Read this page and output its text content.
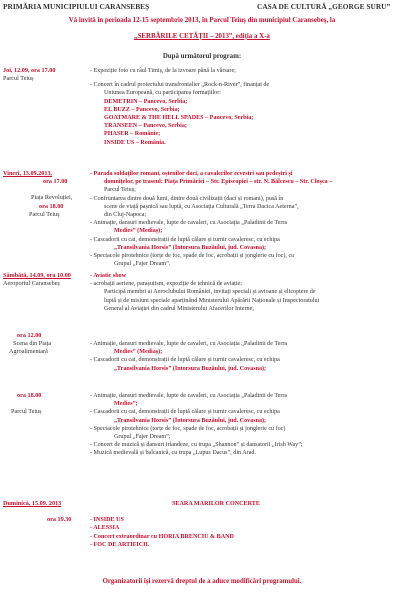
PRIMĂRIA MUNICIPIULUI CARANSEBEȘ	CASA DE CULTURĂ „GEORGE SURU”
Vă invită în perioada 12-15 septembrie 2013, în Parcul Teiuș din municipiul Caransebeș, la
„SERBĂRILE CETĂȚII – 2013”, ediția a X-a
După următorul program:
Joi, 12.09, ora 17.00
Parcul Teiuș
- Expoziție foto cu râul Timiș, de la izvoare până la vărsare;
- Concert în cadrul proiectului transfrontalier „Rock-n-River”, finanțat de
Uniunea Europeană, cu participarea formațiilor:
DEMETRIN – Pancevo, Serbia;
EL BUZZ – Pancevo, Serbia;
GOATMARE & THE HELL SPADES – Pancevo, Serbia;
TRANSEEN – Pancevo, Serbia;
PHASER – Românie;
INSIDE US – România.
Vineri, 13.09.2013,
ora 17.00
Piața Revoluției,
ora 18.00
Parcul Teiuș
- Parada soldaților romani, oștenilor daci, a cavalerilor ecvestri sau pedeștri și
domnițelor, pe traseul: Piața Primăriei – Str. Episcopiei – str. N. Bălcescu – Str. Cloșca –
Parcul Teiuș;
- Confruntarea dintre două lumi, dintre două civilizații (daci și romani), pusă în
scene de viață pașnică sau luptă, cu Asociația Culturală „Terra Dacica Aeterna”,
din Cluj-Napoca;
- Animație, dansuri medievale, lupte de cavaleri, cu Asociația „Paladinii de Terra
Medies” (Mediaș);
- Cascadorii cu cai, demonstrații de luptă călare și turnir cavaleresc, cu echipa
„Transilvania Horsis” (Întorsura Buzăului, jud. Covasna);
- Spectacole pirotehnice (torțe de foc, spade de foc, acrobații și jonglerie cu foc), cu
Grupul „Fajer Dream”.
Sâmbătă, 14.09, ora 10.00
Aeroportul Caransebeș
- Aviatic show
- acrobații aeriene, parașutism, expoziție de tehnică de aviație;
Participă membri ai Aeroclubului României, invitați speciali și avioane și elicoptere de
luptă și de misiuni speciale aparținând Ministerului Apărării Naționale și Inspectoratului
General al Aviației din cadrul Ministerului Afacerilor Interne;
ora 12.00
Scena din Piața
Agroalimentară
- Animație, dansuri medievale, lupte de cavaleri, cu Asociația „Paladinii de Terra
Medies” (Mediaș);
- Cascadorii cu cai, demonstrații de luptă călare și turnir cavaleresc, cu echipa
„Transilvania Horsis” (Întorsura Buzăului, jud. Covasna);
ora 18.00
Parcul Teiuș
- Animație, dansuri medievale, lupte de cavaleri, cu Asociația „Paladinii de Terra
Medies”;
- Cascadorii cu cai, demonstrații de luptă călare și turnir cavaleresc, cu echipa
„Transilvania Horsis” (Întorsura Buzăului, jud. Covasna);
- Spectacole pirotehnice (torțe de foc, spade de foc, acrobații și jonglerie cu foc)
Grupul „Fajer Dream”;
- Concert de muzică și dansuri irlandeze, cu trupa „Shannon” și dansatorii „Irish Way”;
- Muzică medievală și balcanică, cu trupa „Lupus Dacus”, din Arad.
Duminică, 15.09. 2013
ora 19.30
SEARA MARILOR CONCERTE
- INSIDE US
- ALESSIA
- Concert extraordinar cu HORIA BRENCIU & BAND
- FOC DE ARTIFICII.
Organizatorii își rezervă dreptul de a aduce modificări programului.
